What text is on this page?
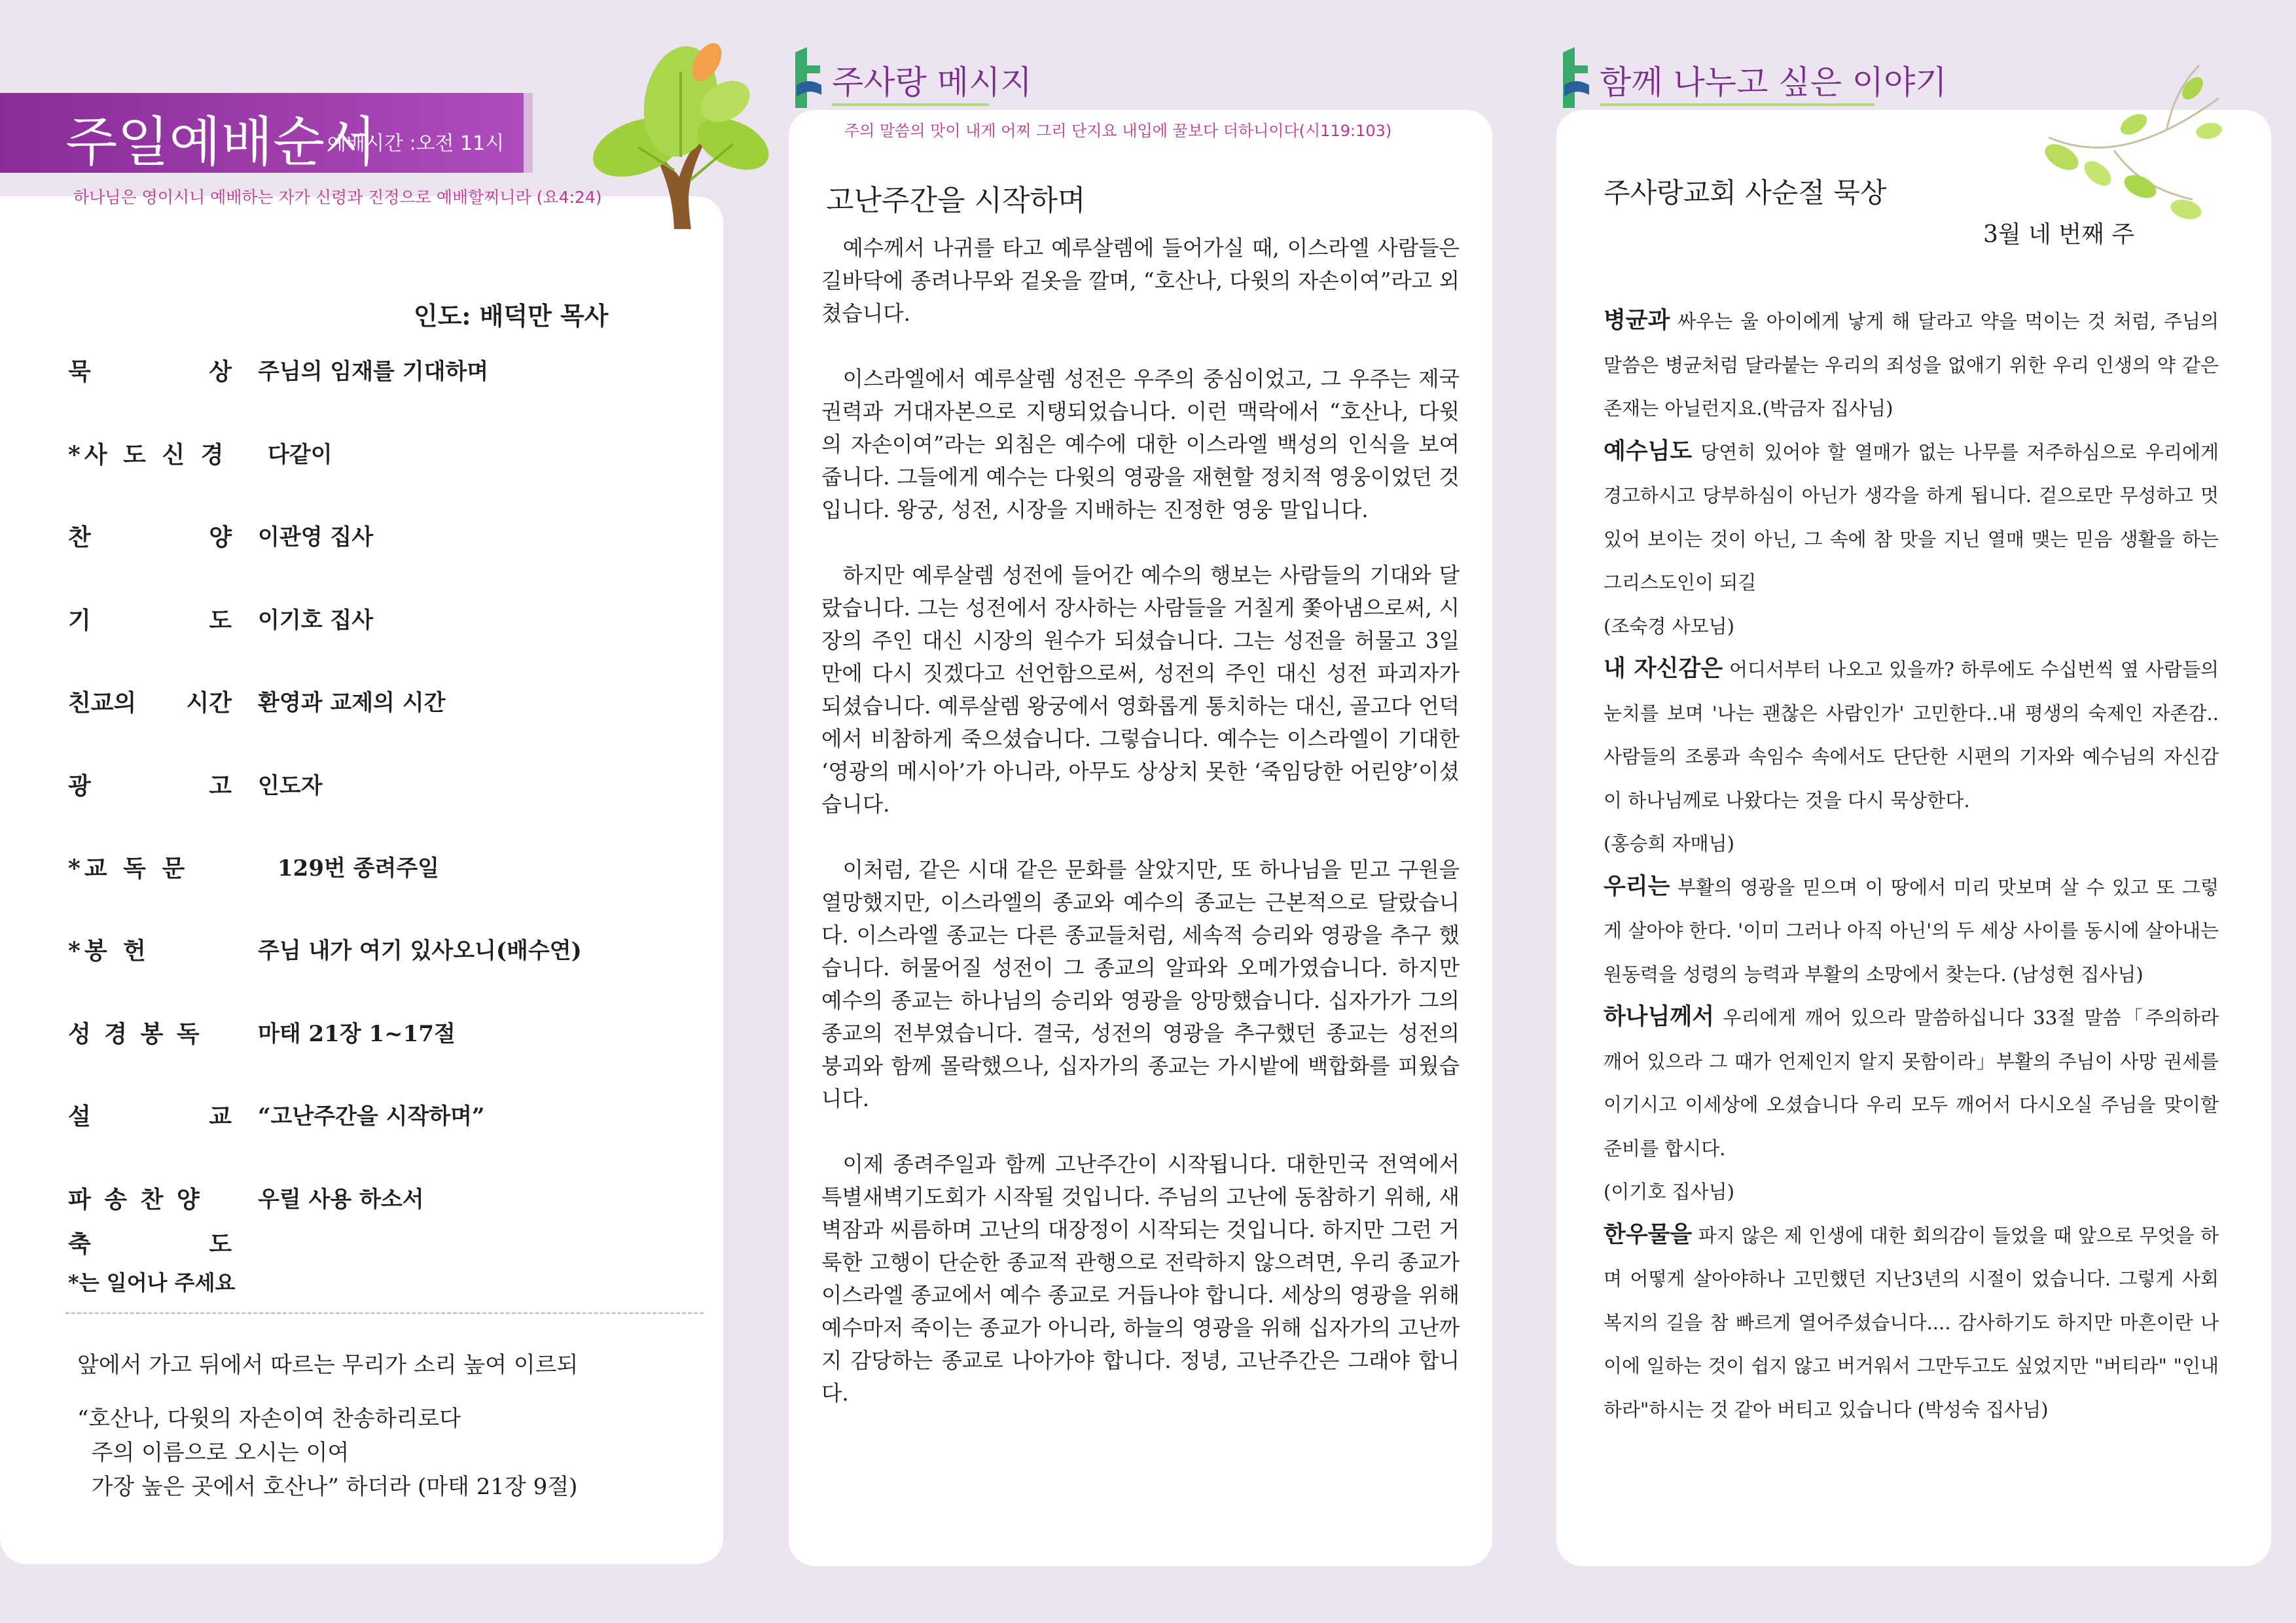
주일예배순서
예배시간 :오전 11시
하나님은 영이시니 예배하는 자가 신령과 진정으로 예배할찌니라 (요4:24)
인도: 배덕만 목사
묵	상 주님의 임재를 기대하며
*사 도 신 경 다같이
찬	양 이관영 집사
기	도 이기호 집사
친교의 시간 환영과 교제의 시간
광	고 인도자
*교 독 문	129번 종려주일
*봉 헌	주님 내가 여기 있사오니(배수연)
성 경 봉 독	마태 21장 1~17절
설	교 “고난주간을 시작하며”
파 송 찬 양	우릴 사용 하소서
축	도
*는 일어나 주세요
앞에서 가고 뒤에서 따르는 무리가 소리 높여 이르되
“호산나, 다윗의 자손이여 찬송하리로다
주의 이름으로 오시는 이여
가장 높은 곳에서 호산나” 하더라 (마태 21장 9절)
주사랑 메시지
주의 말씀의 맛이 내게 어찌 그리 단지요 내입에 꿀보다 더하니이다(시119:103)
고난주간을 시작하며

예수께서 나귀를 타고 예루살렘에 들어가실 때, 이스라엘 사람들은 길바닥에 종려나무와 겉옷을 깔며, “호산나, 다윗의 자손이여”라고 외쳤습니다.

이스라엘에서 예루살렘 성전은 우주의 중심이었고, 그 우주는 제국권력과 거대자본으로 지탱되었습니다. 이런 맥락에서 “호산나, 다윗의 자손이여”라는 외침은 예수에 대한 이스라엘 백성의 인식을 보여줍니다. 그들에게 예수는 다윗의 영광을 재현할 정치적 영웅이었던 것입니다. 왕궁, 성전, 시장을 지배하는 진정한 영웅 말입니다.

하지만 예루살렘 성전에 들어간 예수의 행보는 사람들의 기대와 달랐습니다. 그는 성전에서 장사하는 사람들을 거칠게 쫓아냄으로써, 시장의 주인 대신 시장의 원수가 되셨습니다. 그는 성전을 허물고 3일 만에 다시 짓겠다고 선언함으로써, 성전의 주인 대신 성전 파괴자가 되셨습니다. 예루살렘 왕궁에서 영화롭게 통치하는 대신, 골고다 언덕에서 비참하게 죽으셨습니다. 그렇습니다. 예수는 이스라엘이 기대한 ‘영광의 메시아’가 아니라, 아무도 상상치 못한 ‘죽임당한 어린양’이셨습니다.

이처럼, 같은 시대 같은 문화를 살았지만, 또 하나님을 믿고 구원을 열망했지만, 이스라엘의 종교와 예수의 종교는 근본적으로 달랐습니다. 이스라엘 종교는 다른 종교들처럼, 세속적 승리와 영광을 추구 했습니다. 허물어질 성전이 그 종교의 알파와 오메가였습니다. 하지만 예수의 종교는 하나님의 승리와 영광을 앙망했습니다. 십자가가 그의 종교의 전부였습니다. 결국, 성전의 영광을 추구했던 종교는 성전의 붕괴와 함께 몰락했으나, 십자가의 종교는 가시밭에 백합화를 피웠습니다.

이제 종려주일과 함께 고난주간이 시작됩니다. 대한민국 전역에서 특별새벽기도회가 시작될 것입니다. 주님의 고난에 동참하기 위해, 새벽잠과 씨름하며 고난의 대장정이 시작되는 것입니다. 하지만 그런 거룩한 고행이 단순한 종교적 관행으로 전락하지 않으려면, 우리 종교가 이스라엘 종교에서 예수 종교로 거듭나야 합니다. 세상의 영광을 위해 예수마저 죽이는 종교가 아니라, 하늘의 영광을 위해 십자가의 고난까지 감당하는 종교로 나아가야 합니다. 정녕, 고난주간은 그래야 합니다.

함께 나누고 싶은 이야기
주사랑교회 사순절 묵상
3월 네 번째 주

병균과 싸우는 울 아이에게 낳게 해 달라고 약을 먹이는 것 처럼, 주님의 말씀은 병균처럼 달라붙는 우리의 죄성을 없애기 위한 우리 인생의 약 같은 존재는 아닐런지요.(박금자 집사님)

예수님도 당연히 있어야 할 열매가 없는 나무를 저주하심으로 우리에게 경고하시고 당부하심이 아닌가 생각을 하게 됩니다. 겉으로만 무성하고 멋 있어 보이는 것이 아닌, 그 속에 참 맛을 지닌 열매 맺는 믿음 생활을 하는 그리스도인이 되길
(조숙경 사모님)

내 자신감은 어디서부터 나오고 있을까? 하루에도 수십번씩 옆 사람들의 눈치를 보며 '나는 괜찮은 사람인가' 고민한다..내 평생의 숙제인 자존감.. 사람들의 조롱과 속임수 속에서도 단단한 시편의 기자와 예수님의 자신감이 하나님께로 나왔다는 것을 다시 묵상한다.
(홍승희 자매님)

우리는 부활의 영광을 믿으며 이 땅에서 미리 맛보며 살 수 있고 또 그렇게 살아야 한다. '이미 그러나 아직 아닌'의 두 세상 사이를 동시에 살아내는 원동력을 성령의 능력과 부활의 소망에서 찾는다. (남성현 집사님)

하나님께서 우리에게 깨어 있으라 말씀하십니다 33절 말씀「주의하라 깨어 있으라 그 때가 언제인지 알지 못함이라」부활의 주님이 사망 권세를 이기시고 이세상에 오셨습니다 우리 모두 깨어서 다시오실 주님을 맞이할 준비를 합시다.
(이기호 집사님)

한우물을 파지 않은 제 인생에 대한 회의감이 들었을 때 앞으로 무엇을 하며 어떻게 살아야하나 고민했던 지난3년의 시절이 었습니다. 그렇게 사회복지의 길을 참 빠르게 열어주셨습니다.... 감사하기도 하지만 마흔이란 나이에 일하는 것이 쉽지 않고 버거워서 그만두고도 싶었지만 "버티라" "인내하라"하시는 것 같아 버티고 있습니다 (박성숙 집사님)
